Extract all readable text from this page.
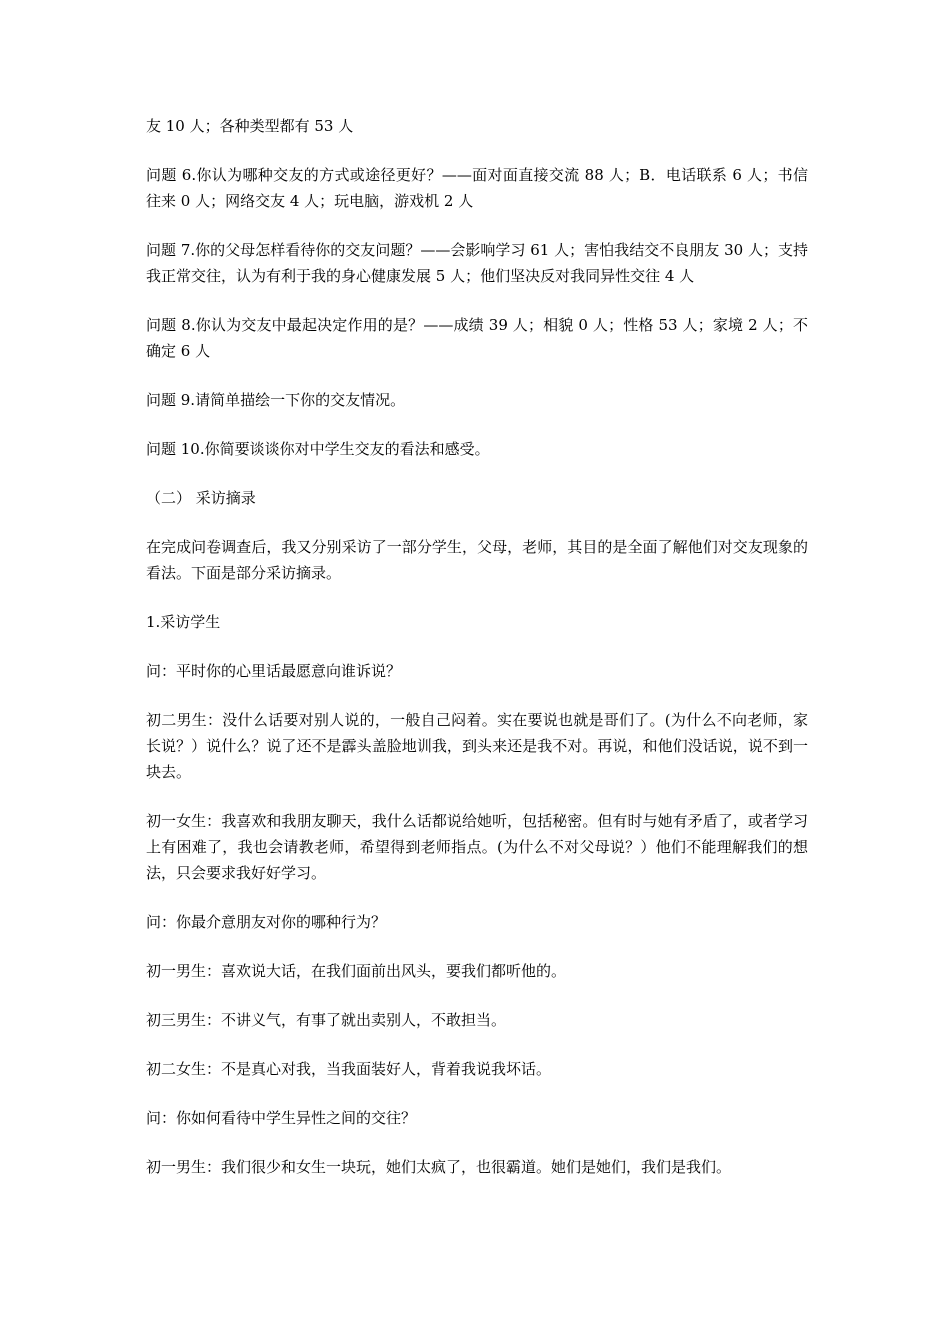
友 10 人；各种类型都有 53 人

问题 6.你认为哪种交友的方式或途径更好？——面对面直接交流 88 人；B．电话联系 6 人；书信往来 0 人；网络交友 4 人；玩电脑，游戏机 2 人

问题 7.你的父母怎样看待你的交友问题？——会影响学习 61 人；害怕我结交不良朋友 30 人；支持我正常交往，认为有利于我的身心健康发展 5 人；他们坚决反对我同异性交往 4 人

问题 8.你认为交友中最起决定作用的是？——成绩 39 人；相貌 0 人；性格 53 人；家境 2 人；不确定 6 人

问题 9.请简单描绘一下你的交友情况。

问题 10.你简要谈谈你对中学生交友的看法和感受。

（二） 采访摘录

在完成问卷调查后，我又分别采访了一部分学生，父母，老师，其目的是全面了解他们对交友现象的看法。下面是部分采访摘录。

1.采访学生

问：平时你的心里话最愿意向谁诉说？

初二男生：没什么话要对别人说的，一般自己闷着。实在要说也就是哥们了。(为什么不向老师，家长说？）说什么？说了还不是霹头盖脸地训我，到头来还是我不对。再说，和他们没话说，说不到一块去。

初一女生：我喜欢和我朋友聊天，我什么话都说给她听，包括秘密。但有时与她有矛盾了，或者学习上有困难了，我也会请教老师，希望得到老师指点。(为什么不对父母说？）他们不能理解我们的想法，只会要求我好好学习。

问：你最介意朋友对你的哪种行为？

初一男生：喜欢说大话，在我们面前出风头，要我们都听他的。

初三男生：不讲义气，有事了就出卖别人，不敢担当。

初二女生：不是真心对我，当我面装好人，背着我说我坏话。

问：你如何看待中学生异性之间的交往？

初一男生：我们很少和女生一块玩，她们太疯了，也很霸道。她们是她们，我们是我们。
